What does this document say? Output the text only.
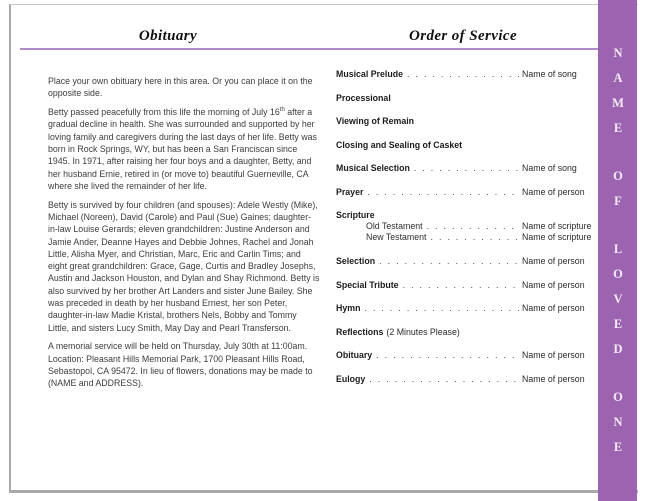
Obituary	Order of Service

Place your own obituary here in this area. Or you can place it on the opposite side.

Betty passed peacefully from this life the morning of July 16th after a gradual decline in health. She was surrounded and supported by her loving family and caregivers during the last days of her life. Betty was born in Rock Springs, WY, but has been a San Franciscan since 1945. In 1971, after raising her four boys and a daughter, Betty, and her husband Ernie, retired in (or move to) beautiful Guerneville, CA where she lived the remainder of her life.

Betty is survived by four children (and spouses): Adele Westly (Mike), Michael (Noreen), David (Carole) and Paul (Sue) Gaines; daughter-in-law Louise Gerards; eleven grandchildren: Justine Anderson and Jamie Ander, Deanne Hayes and Debbie Johnes, Rachel and Jonah Little, Alisha Myer, and Christian, Marc, Eric and Carlin Tims; and eight great grandchildren: Grace, Gage, Curtis and Bradley Josephs, Austin and Jackson Houston, and Dylan and Shay Richmond. Betty is also survived by her brother Art Landers and sister June Bailey. She was preceded in death by her husband Ernest, her son Peter, daughter-in-law Madie Kristal, brothers Nels, Bobby and Tommy Little, and sisters Lucy Smith, May Day and Pearl Transferson.

A memorial service will be held on Thursday, July 30th at 11:00am. Location: Pleasant Hills Memorial Park, 1700 Pleasant Hills Road, Sebastopol, CA 95472. In lieu of flowers, donations may be made to (NAME and ADDRESS).

Musical Prelude . . .	Name of song
Processional
Viewing of Remain
Closing and Sealing of Casket
Musical Selection . . .	Name of song
Prayer . . .	Name of person
Scripture
Old Testament . . .	Name of scripture
New Testament . . .	Name of scripture
Selection . . .	Name of person
Special Tribute . . .	Name of person
Hymn . . .	Name of person
Reflections (2 Minutes Please)
Obituary . . .	Name of person
Eulogy . . .	Name of person
NAME
OF
LOVED
ONE
